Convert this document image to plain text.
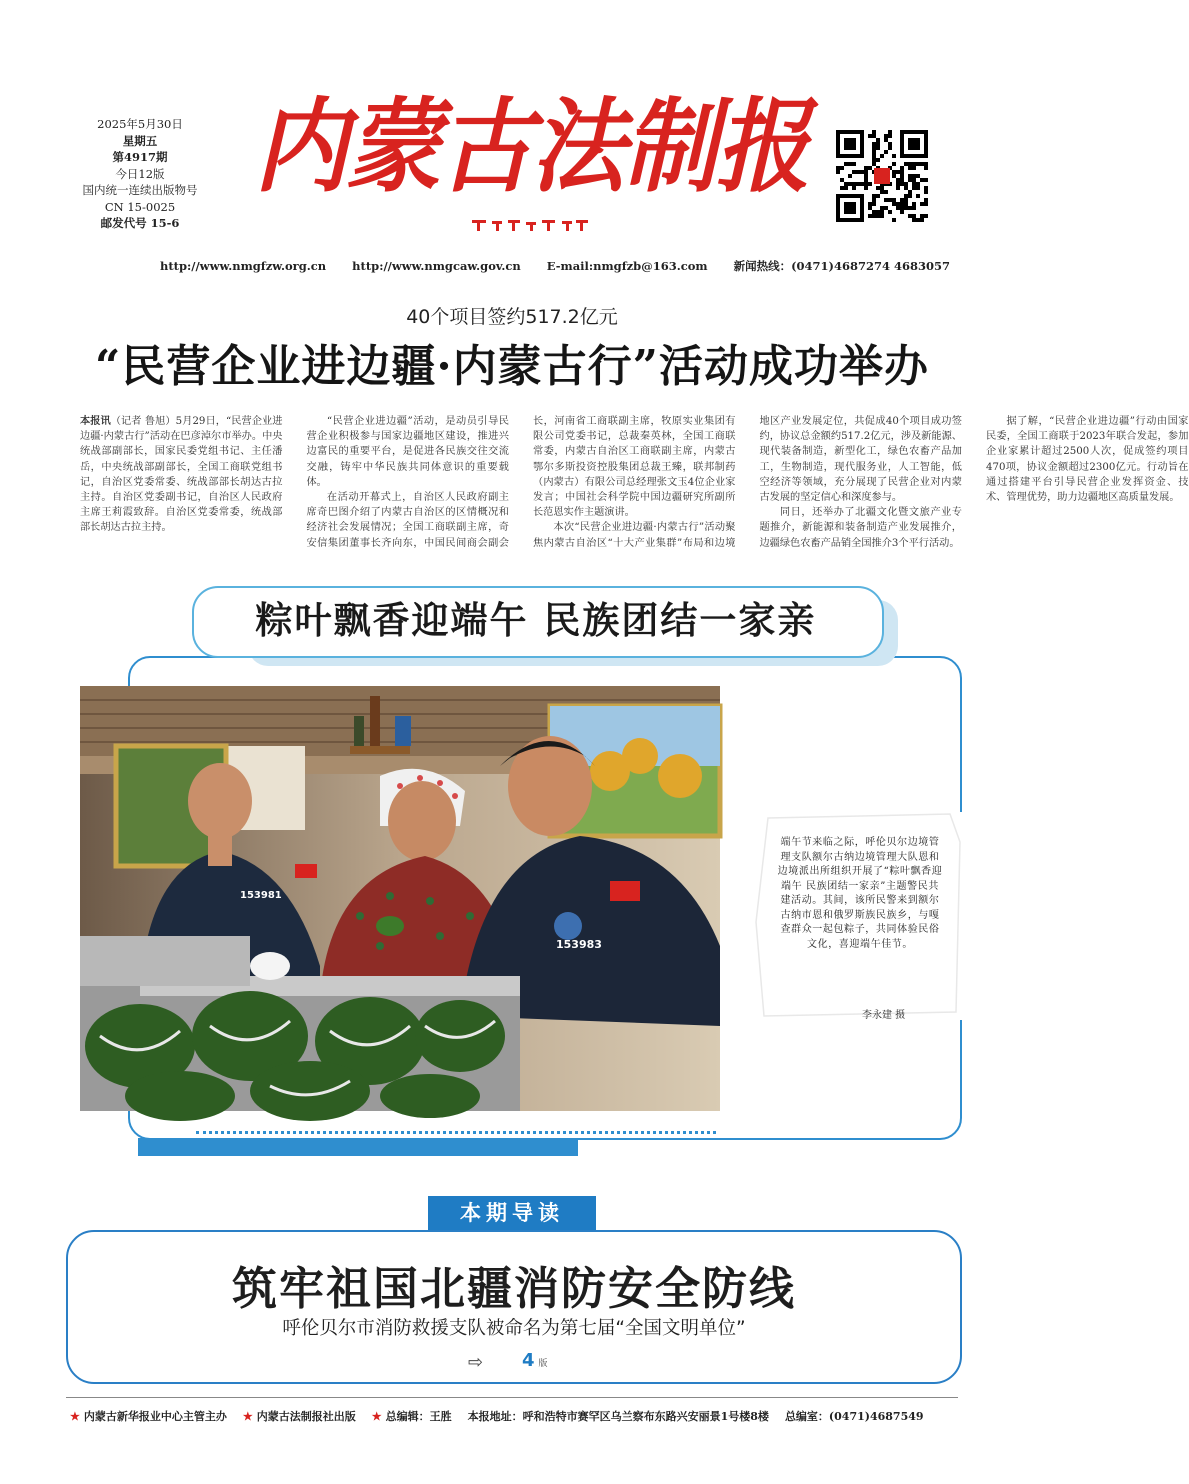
2025年5月30日
星期五
第4917期
今日12版
国内统一连续出版物号
CN 15-0025
邮发代号 15-6
内蒙古法制报
http://www.nmgfzw.org.cn http://www.nmgcaw.gov.cn E-mail:nmgfzb@163.com 新闻热线：(0471)4687274 4683057
40个项目签约517.2亿元
“民营企业进边疆·内蒙古行”活动成功举办

本报讯（记者 鲁旭）5月29日，“民营企业进边疆·内蒙古行”活动在巴彦淖尔市举办。中央统战部副部长，国家民委党组书记、主任潘岳，中央统战部副部长，全国工商联党组书记，自治区党委常委、统战部部长胡达古拉主持。自治区党委副书记，自治区人民政府主席王莉霞致辞。自治区党委常委，统战部部长胡达古拉主持。

“民营企业进边疆”活动，是动员引导民营企业积极参与国家边疆地区建设，推进兴边富民的重要平台，是促进各民族交往交流交融，铸牢中华民族共同体意识的重要载体。

在活动开幕式上，自治区人民政府副主席奇巴图介绍了内蒙古自治区的区情概况和经济社会发展情况；全国工商联副主席，奇安信集团董事长齐向东，中国民间商会副会长，河南省工商联副主席，牧原实业集团有限公司党委书记，总裁秦英林，全国工商联常委，内蒙古自治区工商联副主席，内蒙古鄂尔多斯投资控股集团总裁王臻，联邦制药（内蒙古）有限公司总经理张文玉4位企业家发言；中国社会科学院中国边疆研究所副所长范恩实作主题演讲。

本次“民营企业进边疆·内蒙古行”活动聚焦内蒙古自治区“十大产业集群”布局和边境地区产业发展定位，共促成40个项目成功签约，协议总金额约517.2亿元，涉及新能源、现代装备制造，新型化工，绿色农畜产品加工，生物制造，现代服务业，人工智能，低空经济等领域，充分展现了民营企业对内蒙古发展的坚定信心和深度参与。

同日，还举办了北疆文化暨文旅产业专题推介，新能源和装备制造产业发展推介，边疆绿色农畜产品销全国推介3个平行活动。

据了解，“民营企业进边疆”行动由国家民委，全国工商联于2023年联合发起，参加企业家累计超过2500人次，促成签约项目470项，协议金额超过2300亿元。行动旨在通过搭建平台引导民营企业发挥资金、技术、管理优势，助力边疆地区高质量发展。

粽叶飘香迎端午 民族团结一家亲
153983
153981
端午节来临之际，呼伦贝尔边境管理支队额尔古纳边境管理大队恩和边境派出所组织开展了“粽叶飘香迎端午 民族团结一家亲”主题警民共建活动。其间，该所民警来到额尔古纳市恩和俄罗斯族民族乡，与嘎查群众一起包粽子，共同体验民俗文化，喜迎端午佳节。
李永建 摄
本期导读
筑牢祖国北疆消防安全防线
呼伦贝尔市消防救援支队被命名为第七届“全国文明单位”
⇨ 4 版
★ 内蒙古新华报业中心主管主办 ★ 内蒙古法制报社出版 ★ 总编辑：王胜 本报地址：呼和浩特市赛罕区乌兰察布东路兴安丽景1号楼8楼 总编室：(0471)4687549
